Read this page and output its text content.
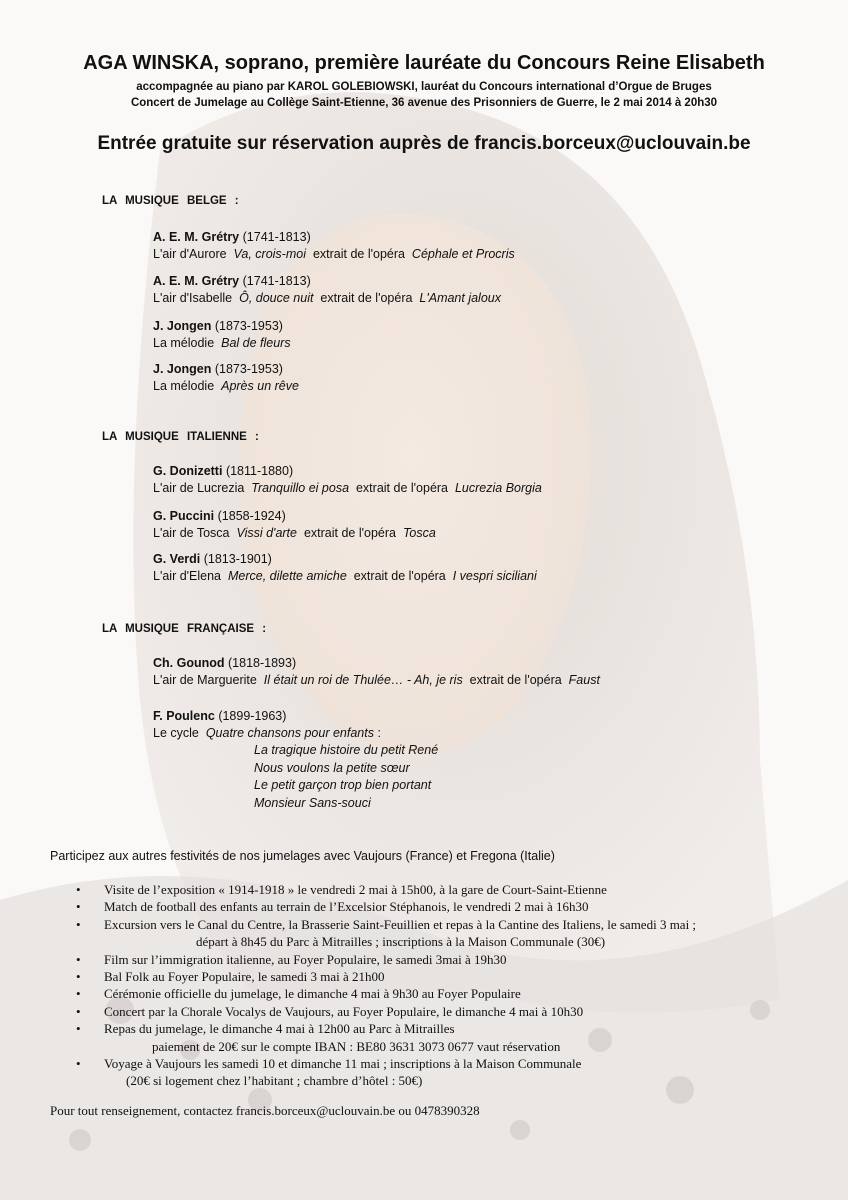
AGA WINSKA, soprano, première lauréate du Concours Reine Elisabeth
accompagnée au piano par KAROL GOLEBIOWSKI, lauréat du Concours international d’Orgue de Bruges
Concert de Jumelage au Collège Saint-Etienne, 36 avenue des Prisonniers de Guerre, le 2 mai 2014 à 20h30
Entrée gratuite sur réservation auprès de francis.borceux@uclouvain.be
LA MUSIQUE BELGE :
A. E. M. Grétry (1741-1813)
L'air d'Aurore Va, crois-moi extrait de l'opéra Céphale et Procris
A. E. M. Grétry (1741-1813)
L'air d'Isabelle Ô, douce nuit extrait de l'opéra L'Amant jaloux
J. Jongen (1873-1953)
La mélodie Bal de fleurs
J. Jongen (1873-1953)
La mélodie Après un rêve
LA MUSIQUE ITALIENNE :
G. Donizetti (1811-1880)
L'air de Lucrezia Tranquillo ei posa extrait de l'opéra Lucrezia Borgia
G. Puccini (1858-1924)
L'air de Tosca Vissi d'arte extrait de l'opéra Tosca
G. Verdi (1813-1901)
L'air d'Elena Merce, dilette amiche extrait de l'opéra I vespri siciliani
LA MUSIQUE FRANÇAISE :
Ch. Gounod (1818-1893)
L'air de Marguerite Il était un roi de Thulée… - Ah, je ris extrait de l'opéra Faust
F. Poulenc (1899-1963)
Le cycle Quatre chansons pour enfants :
La tragique histoire du petit René
Nous voulons la petite sœur
Le petit garçon trop bien portant
Monsieur Sans-souci
Participez aux autres festivités de nos jumelages avec Vaujours (France) et Fregona (Italie)
• Visite de l’exposition « 1914-1918 » le vendredi 2 mai à 15h00, à la gare de Court-Saint-Etienne
• Match de football des enfants au terrain de l’Excelsior Stéphanois, le vendredi 2 mai à 16h30
• Excursion vers le Canal du Centre, la Brasserie Saint-Feuillien et repas à la Cantine des Italiens, le samedi 3 mai ;
départ à 8h45 du Parc à Mitrailles ; inscriptions à la Maison Communale (30€)
• Film sur l’immigration italienne, au Foyer Populaire, le samedi 3mai à 19h30
• Bal Folk au Foyer Populaire, le samedi 3 mai à 21h00
• Cérémonie officielle du jumelage, le dimanche 4 mai à 9h30 au Foyer Populaire
• Concert par la Chorale Vocalys de Vaujours, au Foyer Populaire, le dimanche 4 mai à 10h30
• Repas du jumelage, le dimanche 4 mai à 12h00 au Parc à Mitrailles
paiement de 20€ sur le compte IBAN : BE80 3631 3073 0677 vaut réservation
• Voyage à Vaujours les samedi 10 et dimanche 11 mai ; inscriptions à la Maison Communale
(20€ si logement chez l’habitant ; chambre d’hôtel : 50€)
Pour tout renseignement, contactez francis.borceux@uclouvain.be ou 0478390328
